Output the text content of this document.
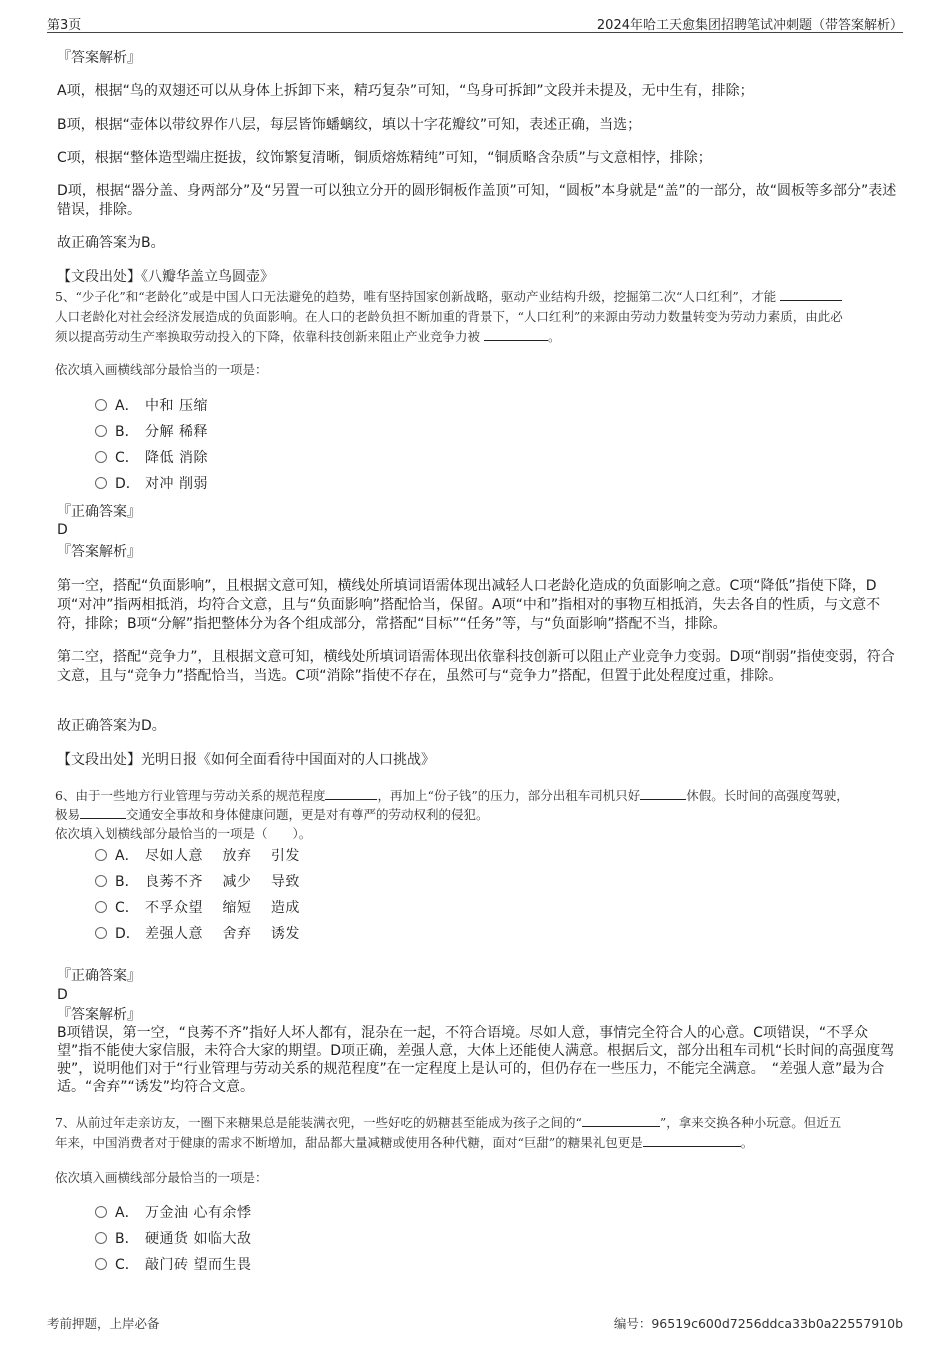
第3页	2024年哈工天愈集团招聘笔试冲刺题（带答案解析）
『答案解析』
A项，根据“鸟的双翅还可以从身体上拆卸下来，精巧复杂”可知，“鸟身可拆卸”文段并未提及，无中生有，排除；
B项，根据“壶体以带纹界作八层，每层皆饰蟠螭纹，填以十字花瓣纹”可知，表述正确，当选；
C项，根据“整体造型端庄挺拔，纹饰繁复清晰，铜质熔炼精纯”可知，“铜质略含杂质”与文意相悖，排除；
D项，根据“器分盖、身两部分”及“另置一可以独立分开的圆形铜板作盖顶”可知，“圆板”本身就是“盖”的一部分，故“圆板等多部分”表述错误，排除。
故正确答案为B。
【文段出处】《八瓣华盖立鸟圆壶》
5、“少子化”和“老龄化”或是中国人口无法避免的趋势，唯有坚持国家创新战略，驱动产业结构升级，挖掘第二次“人口红利”，才能
人口老龄化对社会经济发展造成的负面影响。在人口的老龄负担不断加重的背景下，“人口红利”的来源由劳动力数量转变为劳动力素质，由此必
须以提高劳动生产率换取劳动投入的下降，依靠科技创新来阻止产业竞争力被	。
依次填入画横线部分最恰当的一项是：
A． 中和 压缩
B． 分解 稀释
C． 降低 消除
D． 对冲 削弱
『正确答案』
D
『答案解析』
第一空，搭配“负面影响”，且根据文意可知，横线处所填词语需体现出减轻人口老龄化造成的负面影响之意。C项“降低”指使下降，D项“对冲”指两相抵消，均符合文意，且与“负面影响”搭配恰当，保留。A项“中和”指相对的事物互相抵消，失去各自的性质，与文意不符，排除；B项“分解”指把整体分为各个组成部分，常搭配“目标”“任务”等，与“负面影响”搭配不当，排除。
第二空，搭配“竞争力”，且根据文意可知，横线处所填词语需体现出依靠科技创新可以阻止产业竞争力变弱。D项“削弱”指使变弱，符合文意，且与“竞争力”搭配恰当，当选。C项“消除”指使不存在，虽然可与“竞争力”搭配，但置于此处程度过重，排除。
故正确答案为D。
【文段出处】光明日报《如何全面看待中国面对的人口挑战》
6、由于一些地方行业管理与劳动关系的规范程度	，再加上“份子钱”的压力，部分出租车司机只好	休假。长时间的高强度驾驶，
极易	交通安全事故和身体健康问题，更是对有尊严的劳动权利的侵犯。
依次填入划横线部分最恰当的一项是（　　）。
A． 尽如人意　 放弃　 引发
B． 良莠不齐　 减少　 导致
C． 不孚众望　 缩短　 造成
D． 差强人意　 舍弃　 诱发
『正确答案』
D
『答案解析』
B项错误，第一空，“良莠不齐”指好人坏人都有，混杂在一起，不符合语境。尽如人意，事情完全符合人的心意。C项错误，“不孚众望”指不能使大家信服，未符合大家的期望。D项正确，差强人意，大体上还能使人满意。根据后文，部分出租车司机“长时间的高强度驾驶”，说明他们对于“行业管理与劳动关系的规范程度”在一定程度上是认可的，但仍存在一些压力，不能完全满意。　“差强人意”最为合适。“舍弃”“诱发”均符合文意。
7、从前过年走亲访友，一圈下来糖果总是能装满衣兜，一些好吃的奶糖甚至能成为孩子之间的“	”，拿来交换各种小玩意。但近五
年来，中国消费者对于健康的需求不断增加，甜品都大量减糖或使用各种代糖，面对“巨甜”的糖果礼包更是	。
依次填入画横线部分最恰当的一项是：
A． 万金油 心有余悸
B． 硬通货 如临大敌
C． 敲门砖 望而生畏
考前押题，上岸必备	编号：96519c600d7256ddca33b0a22557910b
